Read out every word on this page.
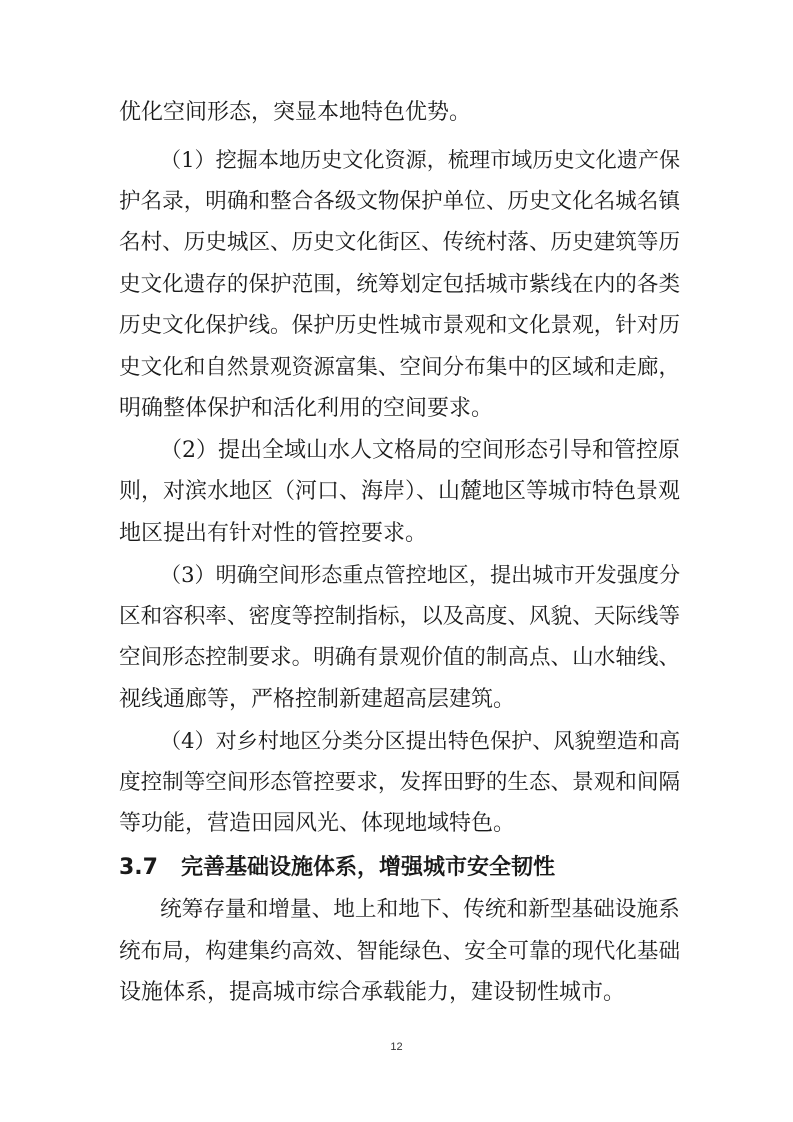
优化空间形态，突显本地特色优势。
（1）挖掘本地历史文化资源，梳理市域历史文化遗产保
护名录，明确和整合各级文物保护单位、历史文化名城名镇
名村、历史城区、历史文化街区、传统村落、历史建筑等历
史文化遗存的保护范围，统筹划定包括城市紫线在内的各类
历史文化保护线。保护历史性城市景观和文化景观，针对历
史文化和自然景观资源富集、空间分布集中的区域和走廊，
明确整体保护和活化利用的空间要求。
（2）提出全域山水人文格局的空间形态引导和管控原
则，对滨水地区（河口、海岸）、山麓地区等城市特色景观
地区提出有针对性的管控要求。
（3）明确空间形态重点管控地区，提出城市开发强度分
区和容积率、密度等控制指标，以及高度、风貌、天际线等
空间形态控制要求。明确有景观价值的制高点、山水轴线、
视线通廊等，严格控制新建超高层建筑。
（4）对乡村地区分类分区提出特色保护、风貌塑造和高
度控制等空间形态管控要求，发挥田野的生态、景观和间隔
等功能，营造田园风光、体现地域特色。
3.7 完善基础设施体系，增强城市安全韧性
统筹存量和增量、地上和地下、传统和新型基础设施系
统布局，构建集约高效、智能绿色、安全可靠的现代化基础
设施体系，提高城市综合承载能力，建设韧性城市。
12
